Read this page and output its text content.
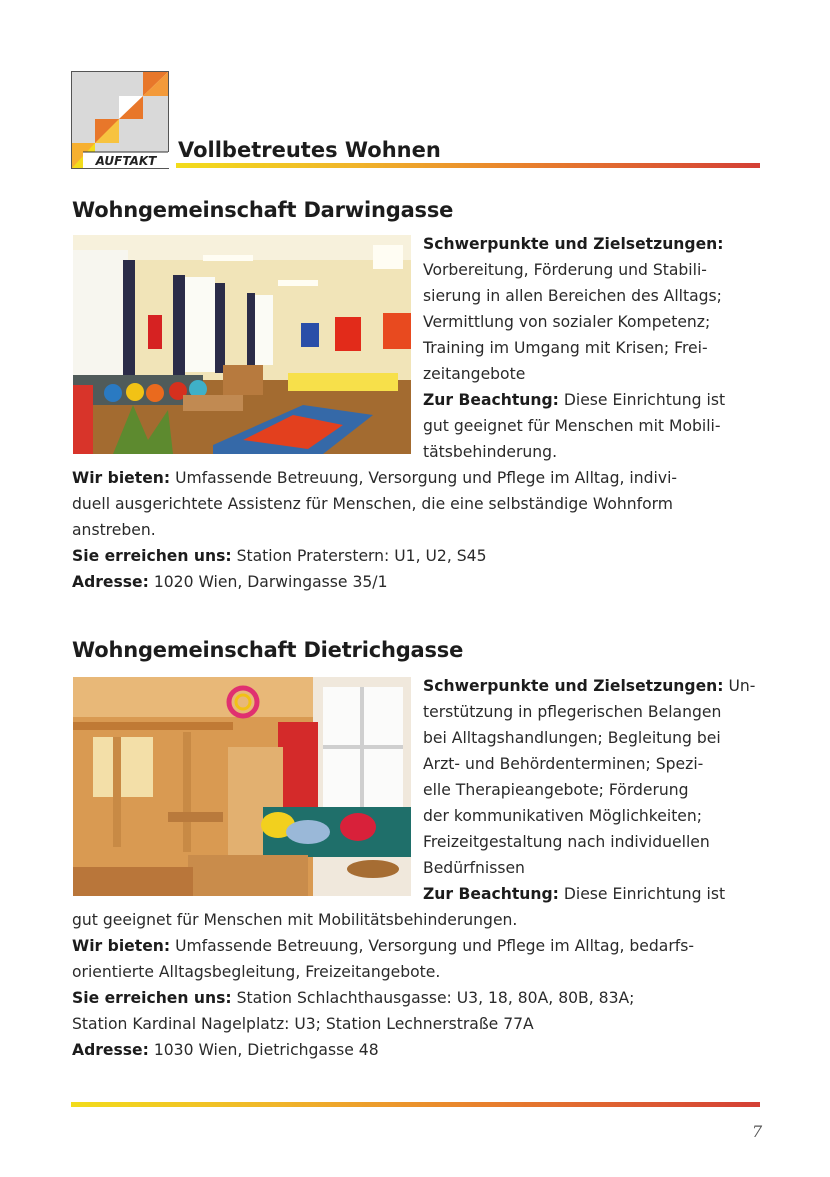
AUFTAKT Vollbetreutes Wohnen
Wohngemeinschaft Darwingasse
Schwerpunkte und Zielsetzungen:
Vorbereitung, Förderung und Stabili-
sierung in allen Bereichen des Alltags;
Vermittlung von sozialer Kompetenz;
Training im Umgang mit Krisen; Frei-
zeitangebote
Zur Beachtung: Diese Einrichtung ist
gut geeignet für Menschen mit Mobili-
tätsbehinderung.
Wir bieten: Umfassende Betreuung, Versorgung und Pflege im Alltag, indivi-
duell ausgerichtete Assistenz für Menschen, die eine selbständige Wohnform
anstreben.
Sie erreichen uns: Station Praterstern: U1, U2, S45
Adresse: 1020 Wien, Darwingasse 35/1
Wohngemeinschaft Dietrichgasse
Schwerpunkte und Zielsetzungen: Un-
terstützung in pflegerischen Belangen
bei Alltagshandlungen; Begleitung bei
Arzt- und Behördenterminen; Spezi-
elle Therapieangebote; Förderung
der kommunikativen Möglichkeiten;
Freizeitgestaltung nach individuellen
Bedürfnissen
Zur Beachtung: Diese Einrichtung ist
gut geeignet für Menschen mit Mobilitätsbehinderungen.
Wir bieten: Umfassende Betreuung, Versorgung und Pflege im Alltag, bedarfs-
orientierte Alltagsbegleitung, Freizeitangebote.
Sie erreichen uns: Station Schlachthausgasse: U3, 18, 80A, 80B, 83A;
Station Kardinal Nagelplatz: U3; Station Lechnerstraße 77A
Adresse: 1030 Wien, Dietrichgasse 48
7
